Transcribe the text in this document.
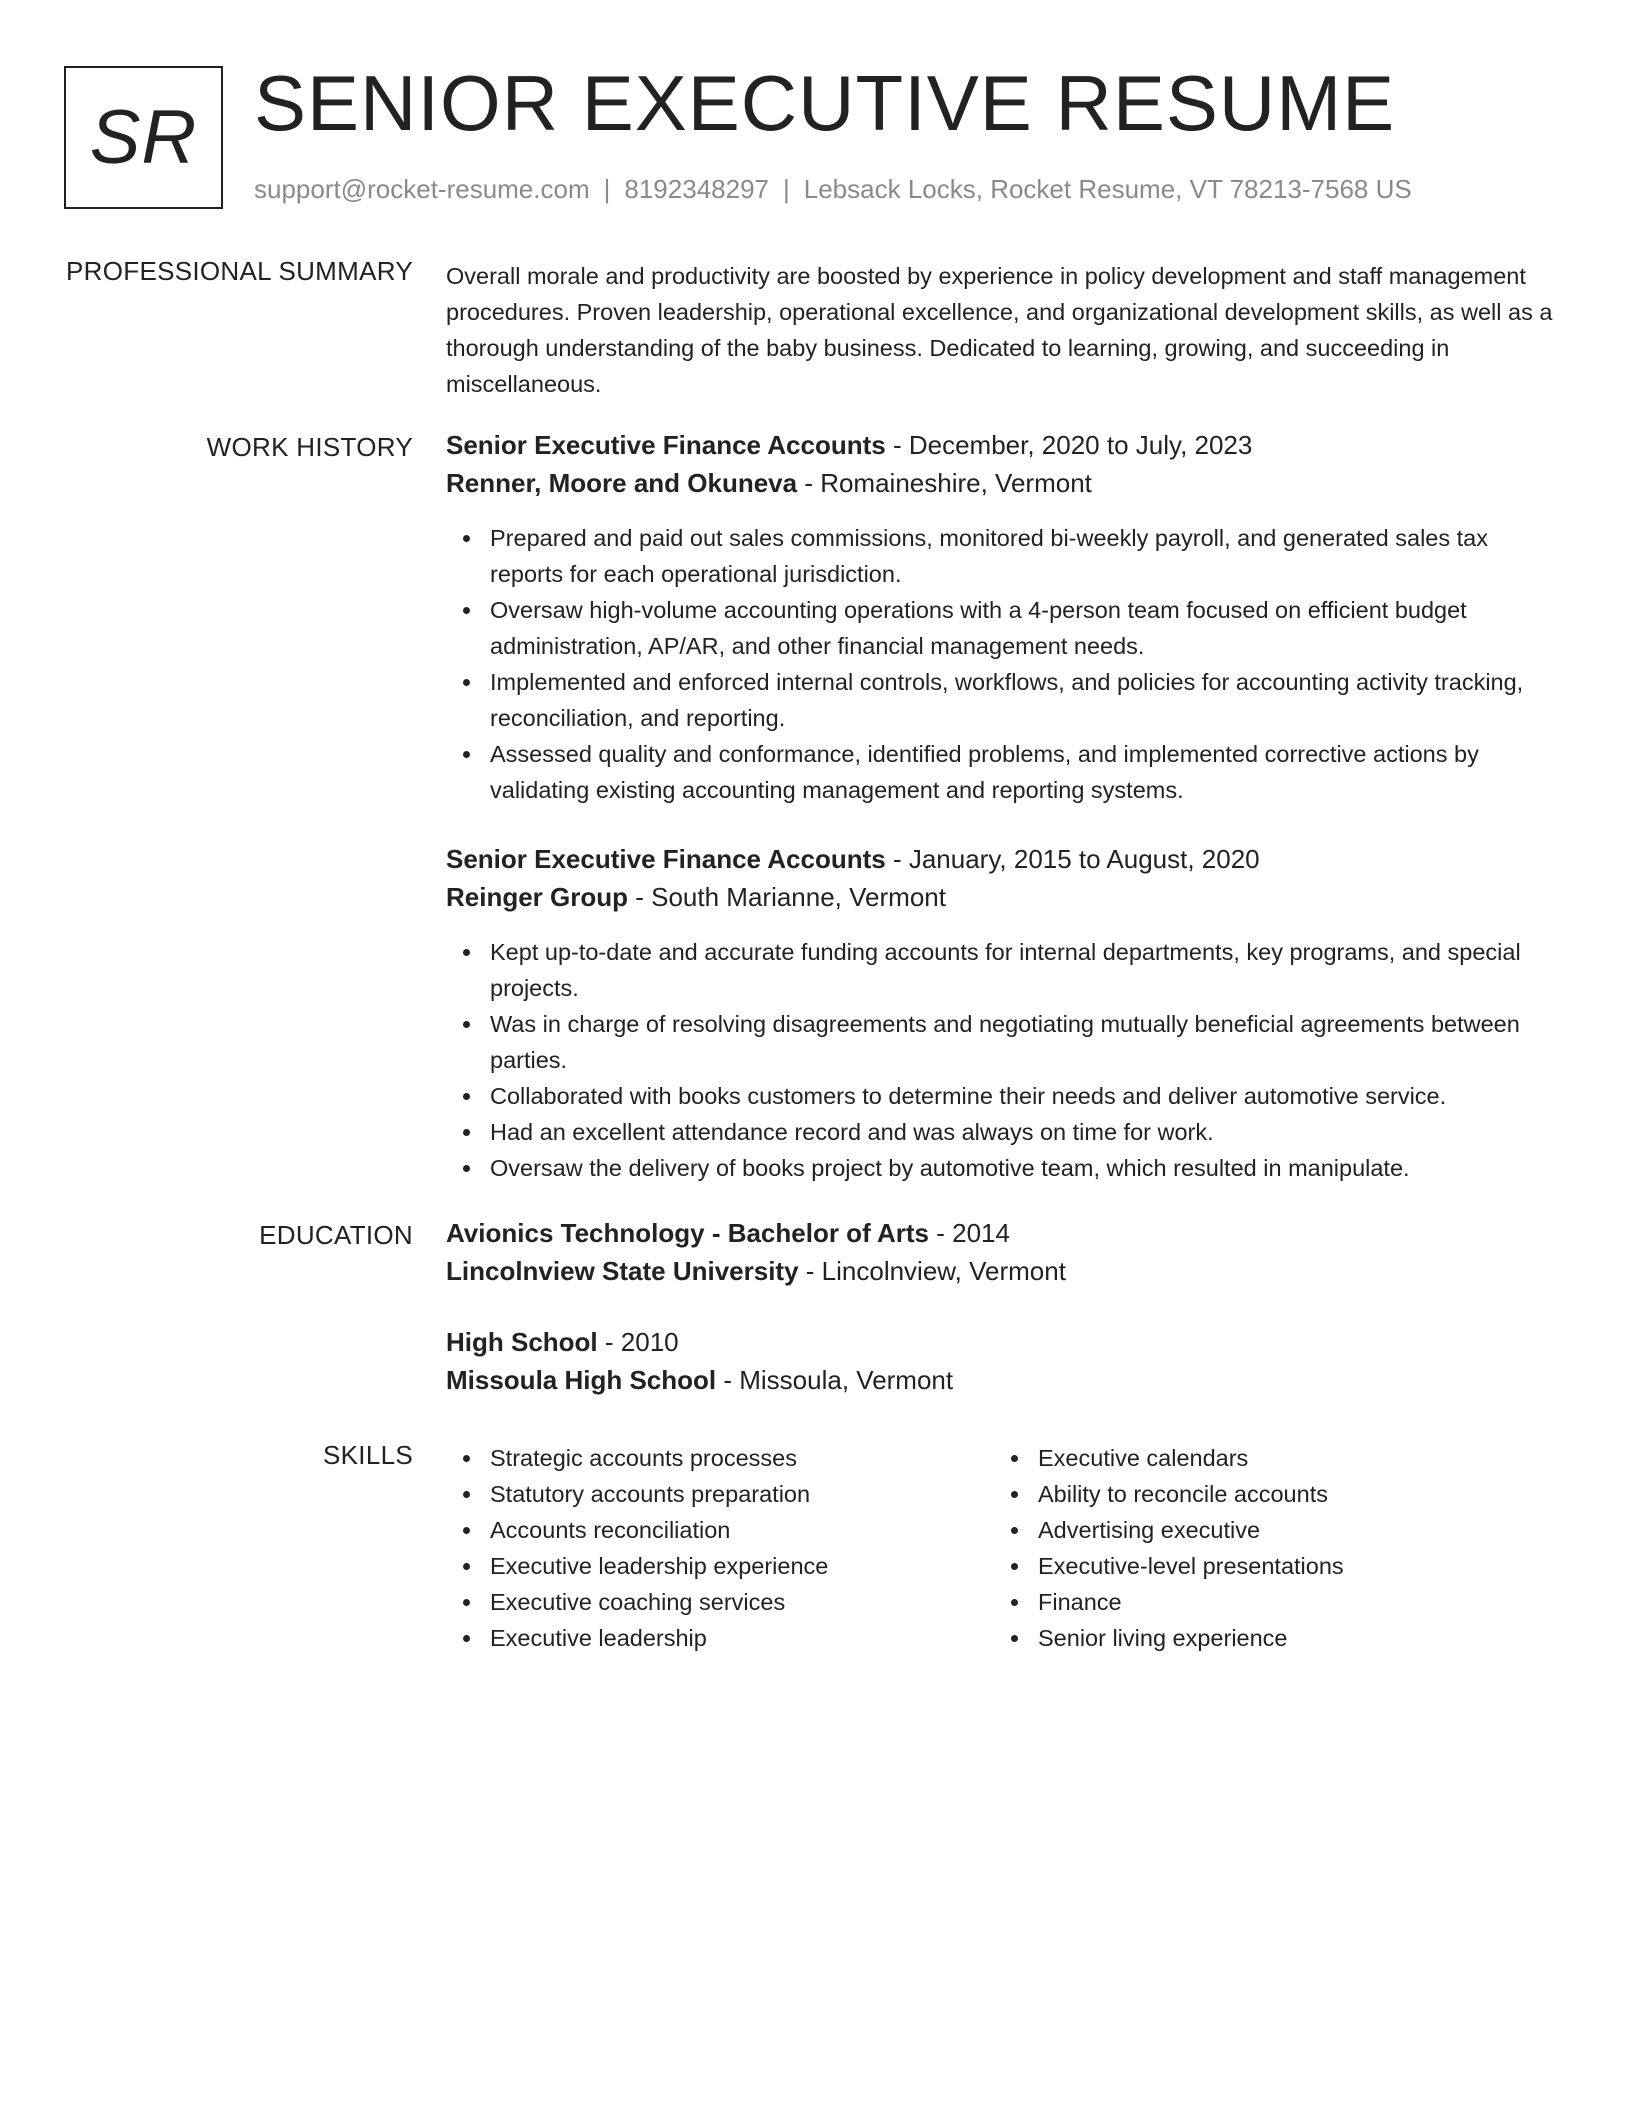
SR SENIOR EXECUTIVE RESUME
support@rocket-resume.com | 8192348297 | Lebsack Locks, Rocket Resume, VT 78213-7568 US
PROFESSIONAL SUMMARY Overall morale and productivity are boosted by experience in policy development and staff management procedures. Proven leadership, operational excellence, and organizational development skills, as well as a thorough understanding of the baby business. Dedicated to learning, growing, and succeeding in miscellaneous.

WORK HISTORY Senior Executive Finance Accounts - December, 2020 to July, 2023
Renner, Moore and Okuneva - Romaineshire, Vermont
Prepared and paid out sales commissions, monitored bi-weekly payroll, and generated sales tax reports for each operational jurisdiction.
Oversaw high-volume accounting operations with a 4-person team focused on efficient budget administration, AP/AR, and other financial management needs.
Implemented and enforced internal controls, workflows, and policies for accounting activity tracking, reconciliation, and reporting.
Assessed quality and conformance, identified problems, and implemented corrective actions by validating existing accounting management and reporting systems.
Senior Executive Finance Accounts - January, 2015 to August, 2020
Reinger Group - South Marianne, Vermont
Kept up-to-date and accurate funding accounts for internal departments, key programs, and special projects.
Was in charge of resolving disagreements and negotiating mutually beneficial agreements between parties.
Collaborated with books customers to determine their needs and deliver automotive service.
Had an excellent attendance record and was always on time for work.
Oversaw the delivery of books project by automotive team, which resulted in manipulate.
EDUCATION Avionics Technology - Bachelor of Arts - 2014
Lincolnview State University - Lincolnview, Vermont
High School - 2010
Missoula High School - Missoula, Vermont
SKILLS	Strategic accounts processes
Statutory accounts preparation
Accounts reconciliation
Executive leadership experience
Executive coaching services
Executive leadership
Executive calendars
Ability to reconcile accounts
Advertising executive
Executive-level presentations
Finance
Senior living experience
